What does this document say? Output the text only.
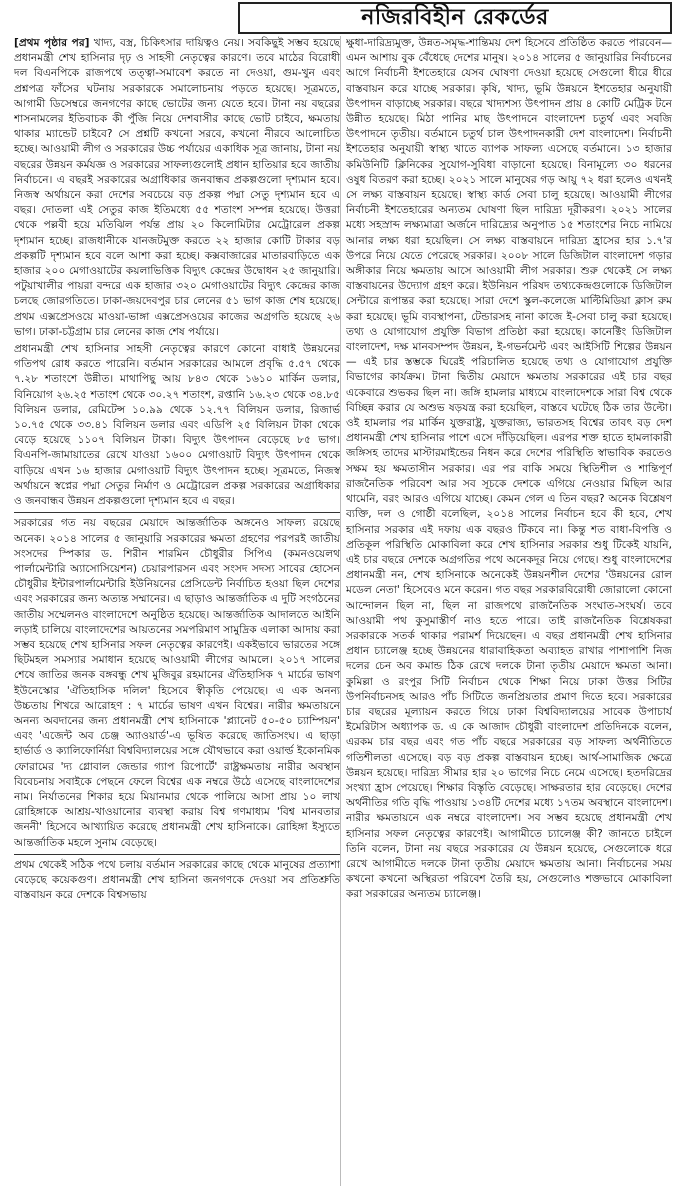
নজিরবিহীন রেকর্ডের

[প্রথম পৃষ্ঠার পর] খাদ্য, বস্ত্র, চিকিৎসার দায়িত্বও নেয়। সবকিছুই সম্ভব হয়েছে প্রধানমন্ত্রী শেখ হাসিনার দৃঢ় ও সাহসী নেতৃত্বের কারণে। তবে মাঠের বিরোধী দল বিএনপিকে রাজপথে তত্ত্বা-সমাবেশ করতে না দেওয়া, গুম-খুন এবং প্রশ্নপত্র ফাঁসের ঘটনায় সরকারকে সমালোচনায় পড়তে হয়েছে। সূত্রমতে, আগামী ডিসেম্বরে জনগণের কাছে ভোটের জন্য যেতে হবে। টানা নয় বছরের শাসনামলের ইতিবাচক কী পুঁজি নিয়ে দেশবাসীর কাছে ভোট চাইবে, ক্ষমতায় থাকার ম্যান্ডেট চাইবে? সে প্রশ্নটি কখনো সরবে, কখনো নীরবে আলোচিত হচ্ছে। আওয়ামী লীগ ও সরকারের উচ্চ পর্যায়ের একাধিক সূত্র জানায়, টানা নয় বছরের উন্নয়ন কর্মযজ্ঞ ও সরকারের সাফল্যগুলোই প্রধান হাতিয়ার হবে জাতীয় নির্বাচনে। এ বছরই সরকারের অগ্রাধিকার জনবান্ধব প্রকল্পগুলো দৃশ্যমান হবে। নিজস্ব অর্থায়নে করা দেশের সবচেয়ে বড় প্রকল্প পদ্মা সেতু দৃশ্যমান হবে এ বছর। দোতলা এই সেতুর কাজ ইতিমধ্যে ৫৫ শতাংশ সম্পন্ন হয়েছে। উত্তরা থেকে পল্লবী হয়ে মতিঝিল পর্যন্ত প্রায় ২০ কিলোমিটার মেট্রোরেল প্রকল্প দৃশ্যমান হচ্ছে। রাজধানীকে যানজটমুক্ত করতে ২২ হাজার কোটি টাকার বড় প্রকল্পটি দৃশ্যমান হবে বলে আশা করা হচ্ছে। কক্সবাজারের মাতারবাড়িতে এক হাজার ২০০ মেগাওয়াটের কয়লাভিত্তিক বিদ্যুৎ কেন্দ্রের উদ্বোধন ২৫ জানুয়ারি। পটুয়াখালীর পায়রা বন্দরে এক হাজার ৩২০ মেগাওয়াটের বিদ্যুৎ কেন্দ্রের কাজ চলছে জোরগতিতে। ঢাকা-জয়দেবপুর চার লেনের ৫১ ভাগ কাজ শেষ হয়েছে। প্রথম এক্সপ্রেসওয়ে মাওয়া-ভাঙ্গা এক্সপ্রেসওয়ের কাজের অগ্রগতি হয়েছে ২৬ ভাগ। ঢাকা-চট্টগ্রাম চার লেনের কাজ শেষ পর্যায়ে।

প্রধানমন্ত্রী শেখ হাসিনার সাহসী নেতৃত্বের কারণে কোনো বাধাই উন্নয়নের গতিপথ রোধ করতে পারেনি। বর্তমান সরকারের আমলে প্রবৃদ্ধি ৫.৫৭ থেকে ৭.২৮ শতাংশে উন্নীত। মাথাপিছু আয় ৮৪৩ থেকে ১৬১০ মার্কিন ডলার, বিনিয়োগ ২৬.২৫ শতাংশ থেকে ৩০.২৭ শতাংশ, রপ্তানি ১৬.২৩ থেকে ৩৪.৮৫ বিলিয়ন ডলার, রেমিটেন্স ১০.৯৯ থেকে ১২.৭৭ বিলিয়ন ডলার, রিজার্ভ ১০.৭৫ থেকে ৩৩.৪১ বিলিয়ন ডলার এবং এডিপি ২৫ বিলিয়ন টাকা থেকে বেড়ে হয়েছে ১১০৭ বিলিয়ন টাকা। বিদ্যুৎ উৎপাদন বেড়েছে ৮৫ ভাগ। বিএনপি-জামায়াতের রেখে যাওয়া ১৬০০ মেগাওয়াট বিদ্যুৎ উৎপাদন থেকে বাড়িয়ে এখন ১৬ হাজার মেগাওয়াট বিদ্যুৎ উৎপাদন হচ্ছে। সূত্রমতে, নিজস্ব অর্থায়নে স্বপ্নের পদ্মা সেতুর নির্মাণ ও মেট্রোরেল প্রকল্প সরকারের অগ্রাধিকার ও জনবান্ধব উন্নয়ন প্রকল্পগুলো দৃশ্যমান হবে এ বছর।

সরকারের গত নয় বছরের মেয়াদে আন্তর্জাতিক অঙ্গনেও সাফল্য রয়েছে অনেক। ২০১৪ সালের ৫ জানুয়ারি সরকারের ক্ষমতা গ্রহণের পরপরই জাতীয় সংসদের স্পিকার ড. শিরীন শারমিন চৌধুরীর সিপিএ (কমনওয়েলথ পার্লামেন্টারি অ্যাসোসিয়েশন) চেয়ারপারসন এবং সংসদ সদস্য সাবের হোসেন চৌধুরীর ইন্টারপার্লামেন্টারি ইউনিয়নের প্রেসিডেন্ট নির্বাচিত হওয়া ছিল দেশের এবং সরকারের জন্য অত্যন্ত সম্মানের। এ ছাড়াও আন্তর্জাতিক এ দুটি সংগঠনের জাতীয় সম্মেলনও বাংলাদেশে অনুষ্ঠিত হয়েছে। আন্তর্জাতিক আদালতে আইনি লড়াই চালিয়ে বাংলাদেশের আয়তনের সমপরিমাণ সামুদ্রিক এলাকা আদায় করা সম্ভব হয়েছে শেখ হাসিনার সফল নেতৃত্বের কারণেই। একইভাবে ভারতের সঙ্গে ছিটমহল সমস্যার সমাধান হয়েছে আওয়ামী লীগের আমলে। ২০১৭ সালের শেষে জাতির জনক বঙ্গবন্ধু শেখ মুজিবুর রহমানের ঐতিহাসিক ৭ মার্চের ভাষণ ইউনেস্কোর 'ঐতিহাসিক দলিল' হিসেবে স্বীকৃতি পেয়েছে। এ এক অনন্য উচ্চতায় শিখরে আরোহণ : ৭ মার্চের ভাষণ এখন বিশ্বের। নারীর ক্ষমতায়নে অনন্য অবদানের জন্য প্রধানমন্ত্রী শেখ হাসিনাকে 'প্ল্যানেট ৫০-৫০ চ্যাম্পিয়ন' এবং 'এজেন্ট অব চেঞ্জ অ্যাওয়ার্ড'-এ ভূষিত করেছে জাতিসংঘ। এ ছাড়া হার্ভার্ড ও ক্যালিফোর্নিয়া বিশ্ববিদ্যালয়ের সঙ্গে যৌথভাবে করা ওয়ার্ল্ড ইকোনমিক ফোরামের 'দ্য গ্লোবাল জেন্ডার গ্যাপ রিপোর্টে' রাষ্ট্রক্ষমতায় নারীর অবস্থান বিবেচনায় সবাইকে পেছনে ফেলে বিশ্বের এক নম্বরে উঠে এসেছে বাংলাদেশের নাম। নির্যাতনের শিকার হয়ে মিয়ানমার থেকে পালিয়ে আসা প্রায় ১০ লাখ রোহিঙ্গাকে আশ্রয়-খাওয়ানোর ব্যবস্থা করায় বিশ্ব গণমাধ্যম 'বিশ্ব মানবতার জননী' হিসেবে আখ্যায়িত করেছে প্রধানমন্ত্রী শেখ হাসিনাকে। রোহিঙ্গা ইস্যুতে আন্তর্জাতিক মহলে সুনাম বেড়েছে।

প্রথম থেকেই সঠিক পথে চলায় বর্তমান সরকারের কাছে থেকে মানুষের প্রত্যাশা বেড়েছে কয়েকগুণ। প্রধানমন্ত্রী শেখ হাসিনা জনগণকে দেওয়া সব প্রতিশ্রুতি বাস্তবায়ন করে দেশকে বিশ্বসভায়

ক্ষুধা-দারিদ্র্যমুক্ত, উন্নত-সমৃদ্ধ-শান্তিময় দেশ হিসেবে প্রতিষ্ঠিত করতে পারবেন— এমন আশায় বুক বেঁধেছে দেশের মানুষ। ২০১৪ সালের ৫ জানুয়ারির নির্বাচনের আগে নির্বাচনী ইশতেহারে যেসব ঘোষণা দেওয়া হয়েছে সেগুলো ধীরে ধীরে বাস্তবায়ন করে যাচ্ছে সরকার। কৃষি, খাদ্য, ভূমি উন্নয়নে ইশতেহার অনুযায়ী উৎপাদন বাড়াচ্ছে সরকার। বছরে খাদ্যশস্য উৎপাদন প্রায় ৪ কোটি মেট্রিক টনে উন্নীত হয়েছে। মিঠা পানির মাছ উৎপাদনে বাংলাদেশ চতুর্থ এবং সবজি উৎপাদনে তৃতীয়। বর্তমানে চতুর্থ চাল উৎপাদনকারী দেশ বাংলাদেশ। নির্বাচনী ইশতেহার অনুযায়ী স্বাস্থ্য খাতে ব্যাপক সাফল্য এসেছে বর্তমানে। ১৩ হাজার কমিউনিটি ক্লিনিকের সুযোগ-সুবিধা বাড়ানো হয়েছে। বিনামূল্যে ৩০ ধরনের ওষুধ বিতরণ করা হচ্ছে। ২০২১ সালে মানুষের গড় আয়ু ৭২ ধরা হলেও এখনই সে লক্ষ্য বাস্তবায়ন হয়েছে। স্বাস্থ্য কার্ড সেবা চালু হয়েছে। আওয়ামী লীগের নির্বাচনী ইশতেহারের অন্যতম ঘোষণা ছিল দারিদ্র্য দূরীকরণ। ২০২১ সালের মধ্যে সহস্রাব্দ লক্ষ্যমাত্রা অর্জনে দারিদ্র্যের অনুপাত ১৫ শতাংশের নিচে নামিয়ে আনার লক্ষ্য ধরা হয়েছিল। সে লক্ষ্য বাস্তবায়নে দারিদ্র্য হ্রাসের হার ১.৭'র উপরে নিয়ে যেতে পেরেছে সরকার। ২০০৮ সালে ডিজিটাল বাংলাদেশ গড়ার অঙ্গীকার নিয়ে ক্ষমতায় আসে আওয়ামী লীগ সরকার। শুরু থেকেই সে লক্ষ্য বাস্তবায়নের উদ্যোগ গ্রহণ করে। ইউনিয়ন পরিষদ তথ্যকেন্দ্রগুলোকে ডিজিটাল সেন্টারে রূপান্তর করা হয়েছে। সারা দেশে স্কুল-কলেজে মাল্টিমিডিয়া ক্লাস রুম করা হয়েছে। ভূমি ব্যবস্থাপনা, টেন্ডারসহ নানা কাজে ই-সেবা চালু করা হয়েছে। তথ্য ও যোগাযোগ প্রযুক্তি বিভাগ প্রতিষ্ঠা করা হয়েছে। কানেক্টিং ডিজিটাল বাংলাদেশ, দক্ষ মানবসম্পদ উন্নয়ন, ই-গভর্নমেন্ট এবং আইসিটি শিল্পের উন্নয়ন— এই চার স্তম্ভকে ঘিরেই পরিচালিত হয়েছে তথ্য ও যোগাযোগ প্রযুক্তি বিভাগের কার্যক্রম। টানা দ্বিতীয় মেয়াদে ক্ষমতায় সরকারের এই চার বছর একেবারে শুভকর ছিল না। জঙ্গি হামলার মাধ্যমে বাংলাদেশকে সারা বিশ্ব থেকে বিচ্ছিন্ন করার যে অশুভ ষড়যন্ত্র করা হয়েছিল, বাস্তবে ঘটেছে ঠিক তার উল্টো। ওই হামলার পর মার্কিন যুক্তরাষ্ট্র, যুক্তরাজ্য, ভারতসহ বিশ্বের তাবৎ বড় দেশ প্রধানমন্ত্রী শেখ হাসিনার পাশে এসে দাঁড়িয়েছিল। এরপর শক্ত হাতে হামলাকারী জঙ্গিসহ তাদের মাস্টারমাইন্ডের নিধন করে দেশের পরিস্থিতি স্বাভাবিক করতেও সক্ষম হয় ক্ষমতাসীন সরকার। এর পর বাকি সময়ে স্থিতিশীল ও শান্তিপূর্ণ রাজনৈতিক পরিবেশ আর সব সূচকে দেশকে এগিয়ে নেওয়ার মিছিল আর থামেনি, বরং আরও এগিয়ে যাচ্ছে। কেমন গেল এ তিন বছর? অনেক বিশ্লেষণ ব্যক্তি, দল ও গোষ্ঠী বলেছিল, ২০১৪ সালের নির্বাচন হবে কী হবে, শেখ হাসিনার সরকার এই দফায় এক বছরও টিকবে না। কিন্তু শত বাধা-বিপত্তি ও প্রতিকূল পরিস্থিতি মোকাবিলা করে শেখ হাসিনার সরকার শুধু টিকেই যায়নি, এই চার বছরে দেশকে অগ্রগতির পথে অনেকদূর নিয়ে গেছে। শুধু বাংলাদেশের প্রধানমন্ত্রী নন, শেখ হাসিনাকে অনেকেই উন্নয়নশীল দেশের 'উন্নয়নের রোল মডেল নেতা' হিসেবেও মনে করেন। গত বছর সরকারবিরোধী জোরালো কোনো আন্দোলন ছিল না, ছিল না রাজপথে রাজনৈতিক সংঘাত-সংঘর্ষ। তবে আওয়ামী পথ কুসুমাস্তীর্ণ নাও হতে পারে। তাই রাজনৈতিক বিশ্লেষকরা সরকারকে সতর্ক থাকার পরামর্শ দিয়েছেন। এ বছর প্রধানমন্ত্রী শেখ হাসিনার প্রধান চ্যালেঞ্জ হচ্ছে উন্নয়নের ধারাবাহিকতা অব্যাহত রাখার পাশাপাশি নিজ দলের চেন অব কমান্ড ঠিক রেখে দলকে টানা তৃতীয় মেয়াদে ক্ষমতা আনা। কুমিল্লা ও রংপুর সিটি নির্বাচন থেকে শিক্ষা নিয়ে ঢাকা উত্তর সিটির উপনির্বাচনসহ আরও পাঁচ সিটিতে জনপ্রিয়তার প্রমাণ দিতে হবে। সরকারের চার বছরের মূল্যায়ন করতে গিয়ে ঢাকা বিশ্ববিদ্যালয়ের সাবেক উপাচার্য ইমেরিটাস অধ্যাপক ড. এ কে আজাদ চৌধুরী বাংলাদেশ প্রতিদিনকে বলেন, এরকম চার বছর এবং গত পাঁচ বছরে সরকারের বড় সাফল্য অর্থনীতিতে গতিশীলতা এসেছে। বড় বড় প্রকল্প বাস্তবায়ন হচ্ছে। আর্থ-সামাজিক ক্ষেত্রে উন্নয়ন হয়েছে। দারিদ্র্য সীমার হার ২০ ভাগের নিচে নেমে এসেছে। হতদরিদ্রের সংখ্যা হ্রাস পেয়েছে। শিক্ষার বিস্তৃতি বেড়েছে। সাক্ষরতার হার বেড়েছে। দেশের অর্থনীতির গতি বৃদ্ধি পাওয়ায় ১৩৪টি দেশের মধ্যে ১৭তম অবস্থানে বাংলাদেশ। নারীর ক্ষমতায়নে এক নম্বরে বাংলাদেশ। সব সম্ভব হয়েছে প্রধানমন্ত্রী শেখ হাসিনার সফল নেতৃত্বের কারণেই। আগামীতে চ্যালেঞ্জ কী? জানতে চাইলে তিনি বলেন, টানা নয় বছরে সরকারের যে উন্নয়ন হয়েছে, সেগুলোকে ধরে রেখে আগামীতে দলকে টানা তৃতীয় মেয়াদে ক্ষমতায় আনা। নির্বাচনের সময় কখনো কখনো অস্থিরতা পরিবেশ তৈরি হয়, সেগুলোও শক্তভাবে মোকাবিলা করা সরকারের অন্যতম চ্যালেঞ্জ।
